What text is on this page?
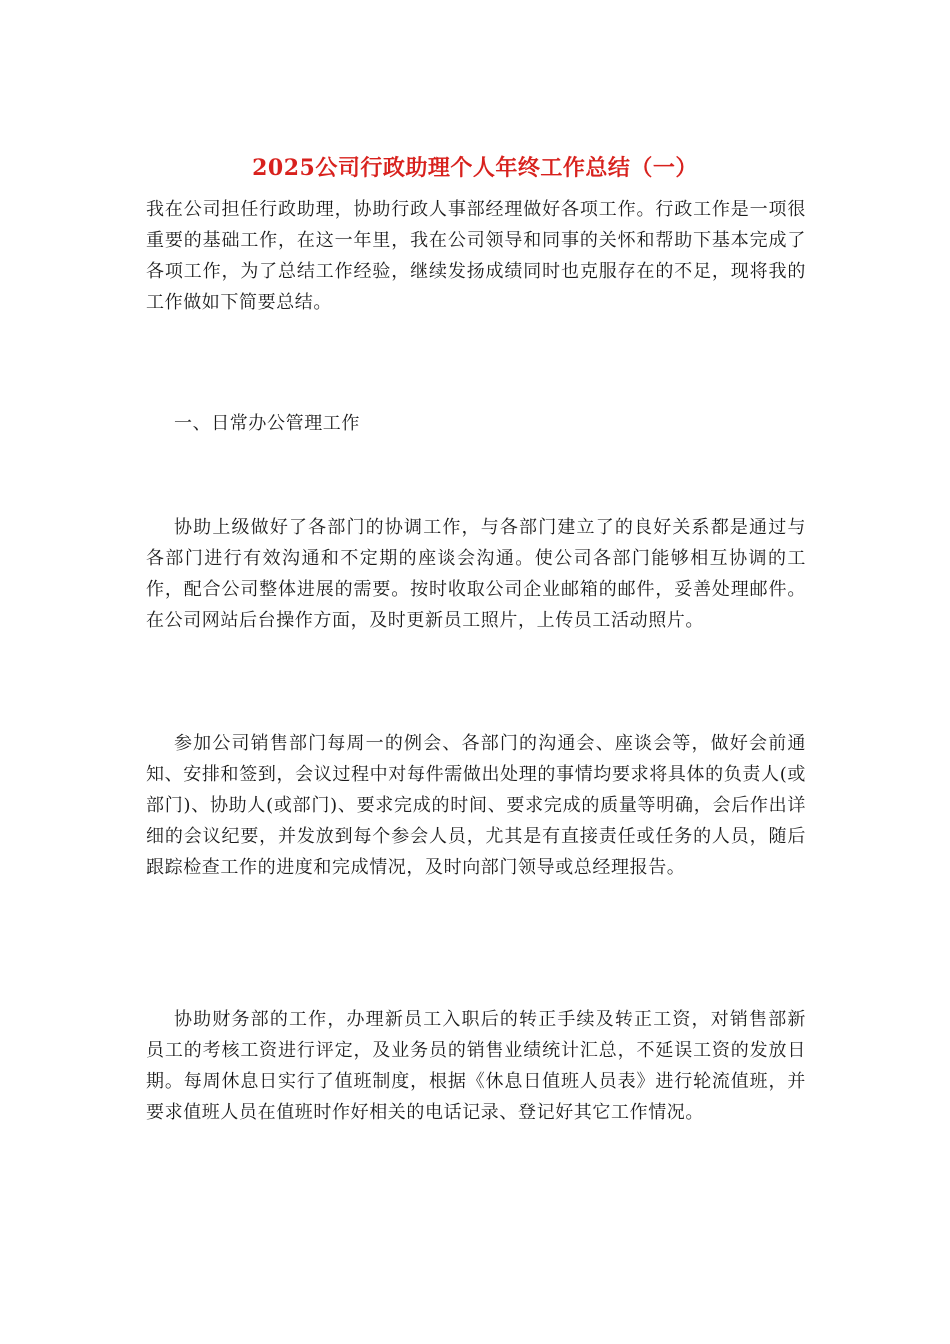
2025公司行政助理个人年终工作总结（一）

我在公司担任行政助理，协助行政人事部经理做好各项工作。行政工作是一项很重要的基础工作，在这一年里，我在公司领导和同事的关怀和帮助下基本完成了各项工作，为了总结工作经验，继续发扬成绩同时也克服存在的不足，现将我的工作做如下简要总结。

一、日常办公管理工作

协助上级做好了各部门的协调工作，与各部门建立了的良好关系都是通过与各部门进行有效沟通和不定期的座谈会沟通。使公司各部门能够相互协调的工作，配合公司整体进展的需要。按时收取公司企业邮箱的邮件，妥善处理邮件。在公司网站后台操作方面，及时更新员工照片，上传员工活动照片。

参加公司销售部门每周一的例会、各部门的沟通会、座谈会等，做好会前通知、安排和签到，会议过程中对每件需做出处理的事情均要求将具体的负责人(或部门)、协助人(或部门)、要求完成的时间、要求完成的质量等明确，会后作出详细的会议纪要，并发放到每个参会人员，尤其是有直接责任或任务的人员，随后跟踪检查工作的进度和完成情况，及时向部门领导或总经理报告。

协助财务部的工作，办理新员工入职后的转正手续及转正工资，对销售部新员工的考核工资进行评定，及业务员的销售业绩统计汇总，不延误工资的发放日期。每周休息日实行了值班制度，根据《休息日值班人员表》进行轮流值班，并要求值班人员在值班时作好相关的电话记录、登记好其它工作情况。
